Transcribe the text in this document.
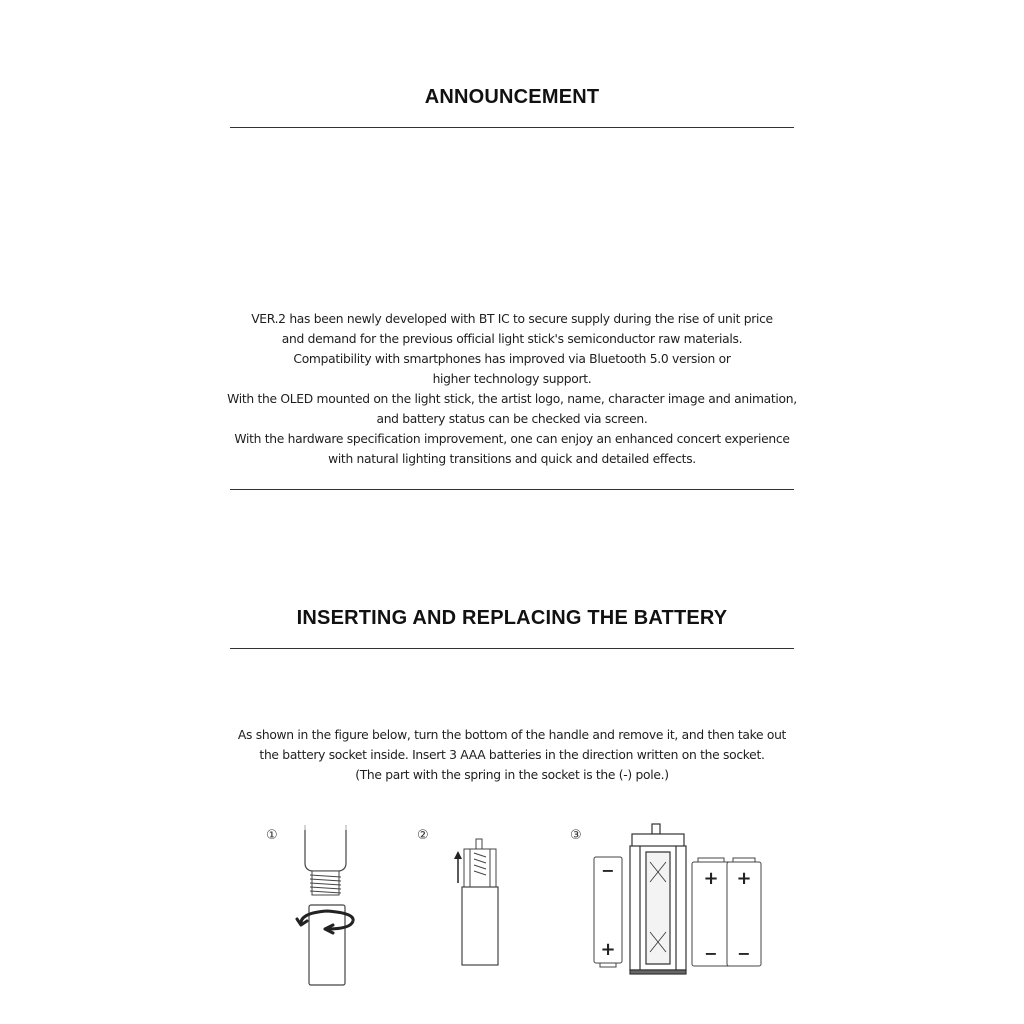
ANNOUNCEMENT
VER.2 has been newly developed with BT IC to secure supply during the rise of unit price
and demand for the previous official light stick's semiconductor raw materials.
Compatibility with smartphones has improved via Bluetooth 5.0 version or
higher technology support.
With the OLED mounted on the light stick, the artist logo, name, character image and animation,
and battery status can be checked via screen.
With the hardware specification improvement, one can enjoy an enhanced concert experience
with natural lighting transitions and quick and detailed effects.
INSERTING AND REPLACING THE BATTERY
As shown in the figure below, turn the bottom of the handle and remove it, and then take out
the battery socket inside. Insert 3 AAA batteries in the direction written on the socket.
(The part with the spring in the socket is the (-) pole.)
①	②	③
−
+
+
−
+
−
